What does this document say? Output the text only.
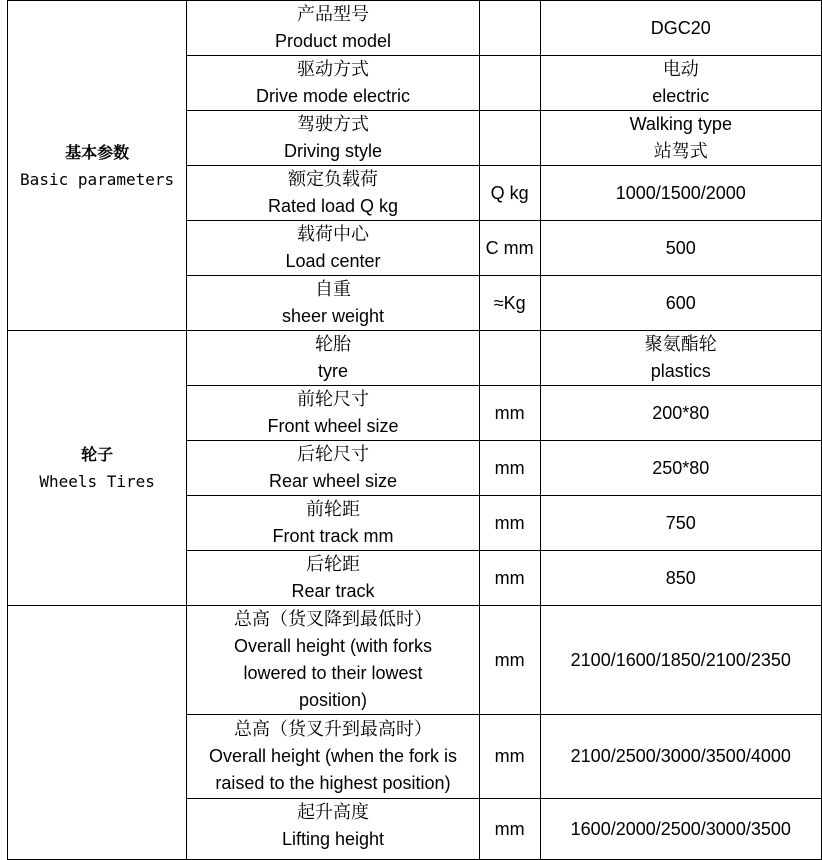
基本参数
Basic parameters	产品型号
Product model		DGC20

	驱动方式
Drive mode electric		电动
electric

	驾驶方式
Driving style		Walking type
站驾式

	额定负载荷
Rated load Q kg	Q kg	1000/1500/2000

	载荷中心
Load center	C mm	500

	自重
sheer weight	≈Kg	600

轮子
Wheels Tires	轮胎
tyre		聚氨酯轮
plastics

	前轮尺寸
Front wheel size	mm	200*80

	后轮尺寸
Rear wheel size	mm	250*80

	前轮距
Front track mm	mm	750

	后轮距
Rear track	mm	850

	总高（货叉降到最低时）
Overall height (with forks
lowered to their lowest
position)	mm	2100/1600/1850/2100/2350

	总高（货叉升到最高时）
Overall height (when the fork is
raised to the highest position)	mm	2100/2500/3000/3500/4000

	起升高度
Lifting height	mm	1600/2000/2500/3000/3500
